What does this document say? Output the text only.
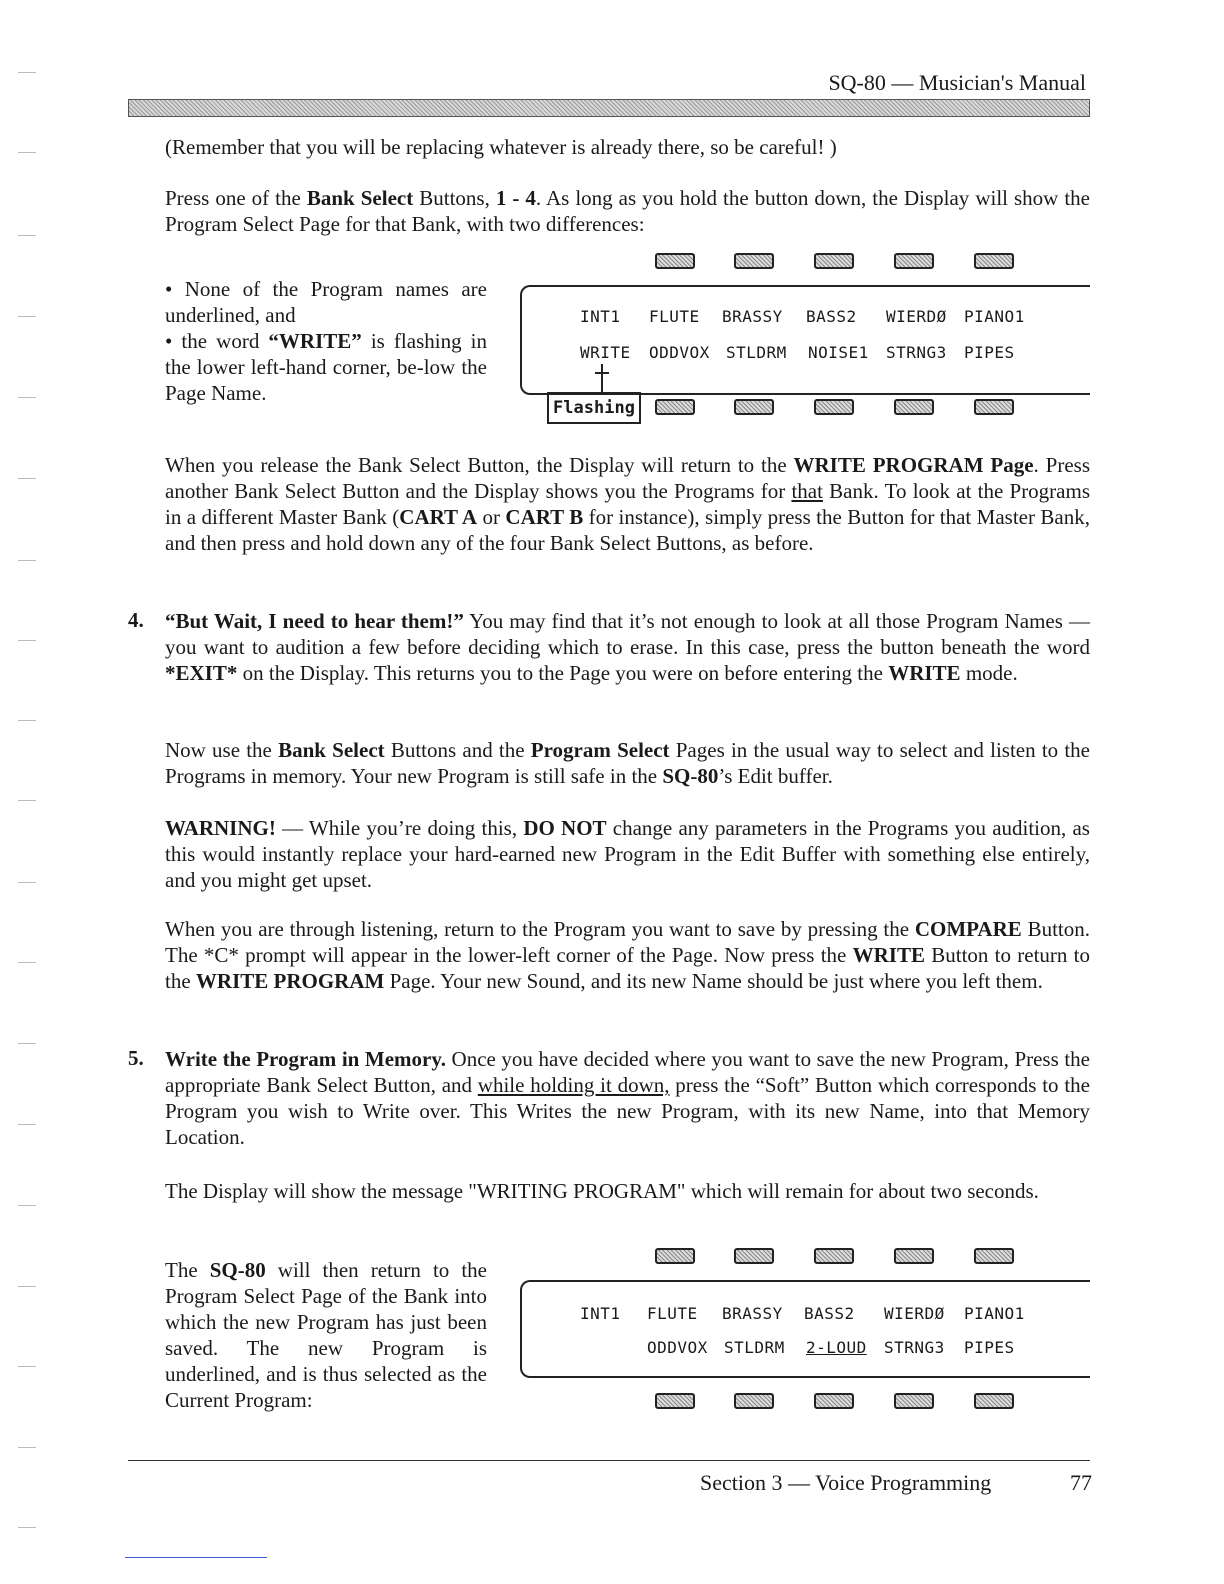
SQ-80 — Musician's Manual
(Remember that you will be replacing whatever is already there, so be careful! )
Press one of the Bank Select Buttons, 1 - 4. As long as you hold the button down, the Display will show the Program Select Page for that Bank, with two differences:
• None of the Program names are underlined, and
• the word “WRITE” is flashing in the lower left-hand corner, be-low the Page Name.
INT1 FLUTE BRASSY BASS2 WIERDØ PIANO1
WRITE ODDVOX STLDRM NOISE1 STRNG3 PIPES
Flashing
When you release the Bank Select Button, the Display will return to the WRITE PROGRAM Page. Press another Bank Select Button and the Display shows you the Programs for that Bank. To look at the Programs in a different Master Bank (CART A or CART B for instance), simply press the Button for that Master Bank, and then press and hold down any of the four Bank Select Buttons, as before.
4. “But Wait, I need to hear them!” You may find that it’s not enough to look at all those Program Names — you want to audition a few before deciding which to erase. In this case, press the button beneath the word *EXIT* on the Display. This returns you to the Page you were on before entering the WRITE mode.
Now use the Bank Select Buttons and the Program Select Pages in the usual way to select and listen to the Programs in memory. Your new Program is still safe in the SQ-80’s Edit buffer.
WARNING! — While you’re doing this, DO NOT change any parameters in the Programs you audition, as this would instantly replace your hard-earned new Program in the Edit Buffer with something else entirely, and you might get upset.
When you are through listening, return to the Program you want to save by pressing the COMPARE Button. The *C* prompt will appear in the lower-left corner of the Page. Now press the WRITE Button to return to the WRITE PROGRAM Page. Your new Sound, and its new Name should be just where you left them.
5. Write the Program in Memory. Once you have decided where you want to save the new Program, Press the appropriate Bank Select Button, and while holding it down, press the “Soft” Button which corresponds to the Program you wish to Write over. This Writes the new Program, with its new Name, into that Memory Location.
The Display will show the message "WRITING PROGRAM" which will remain for about two seconds.
The SQ-80 will then return to the Program Select Page of the Bank into which the new Program has just been saved. The new Program is underlined, and is thus selected as the Current Program:
INT1 FLUTE BRASSY BASS2 WIERDØ PIANO1
ODDVOX STLDRM 2-LOUD STRNG3 PIPES
Section 3 — Voice Programming	77
